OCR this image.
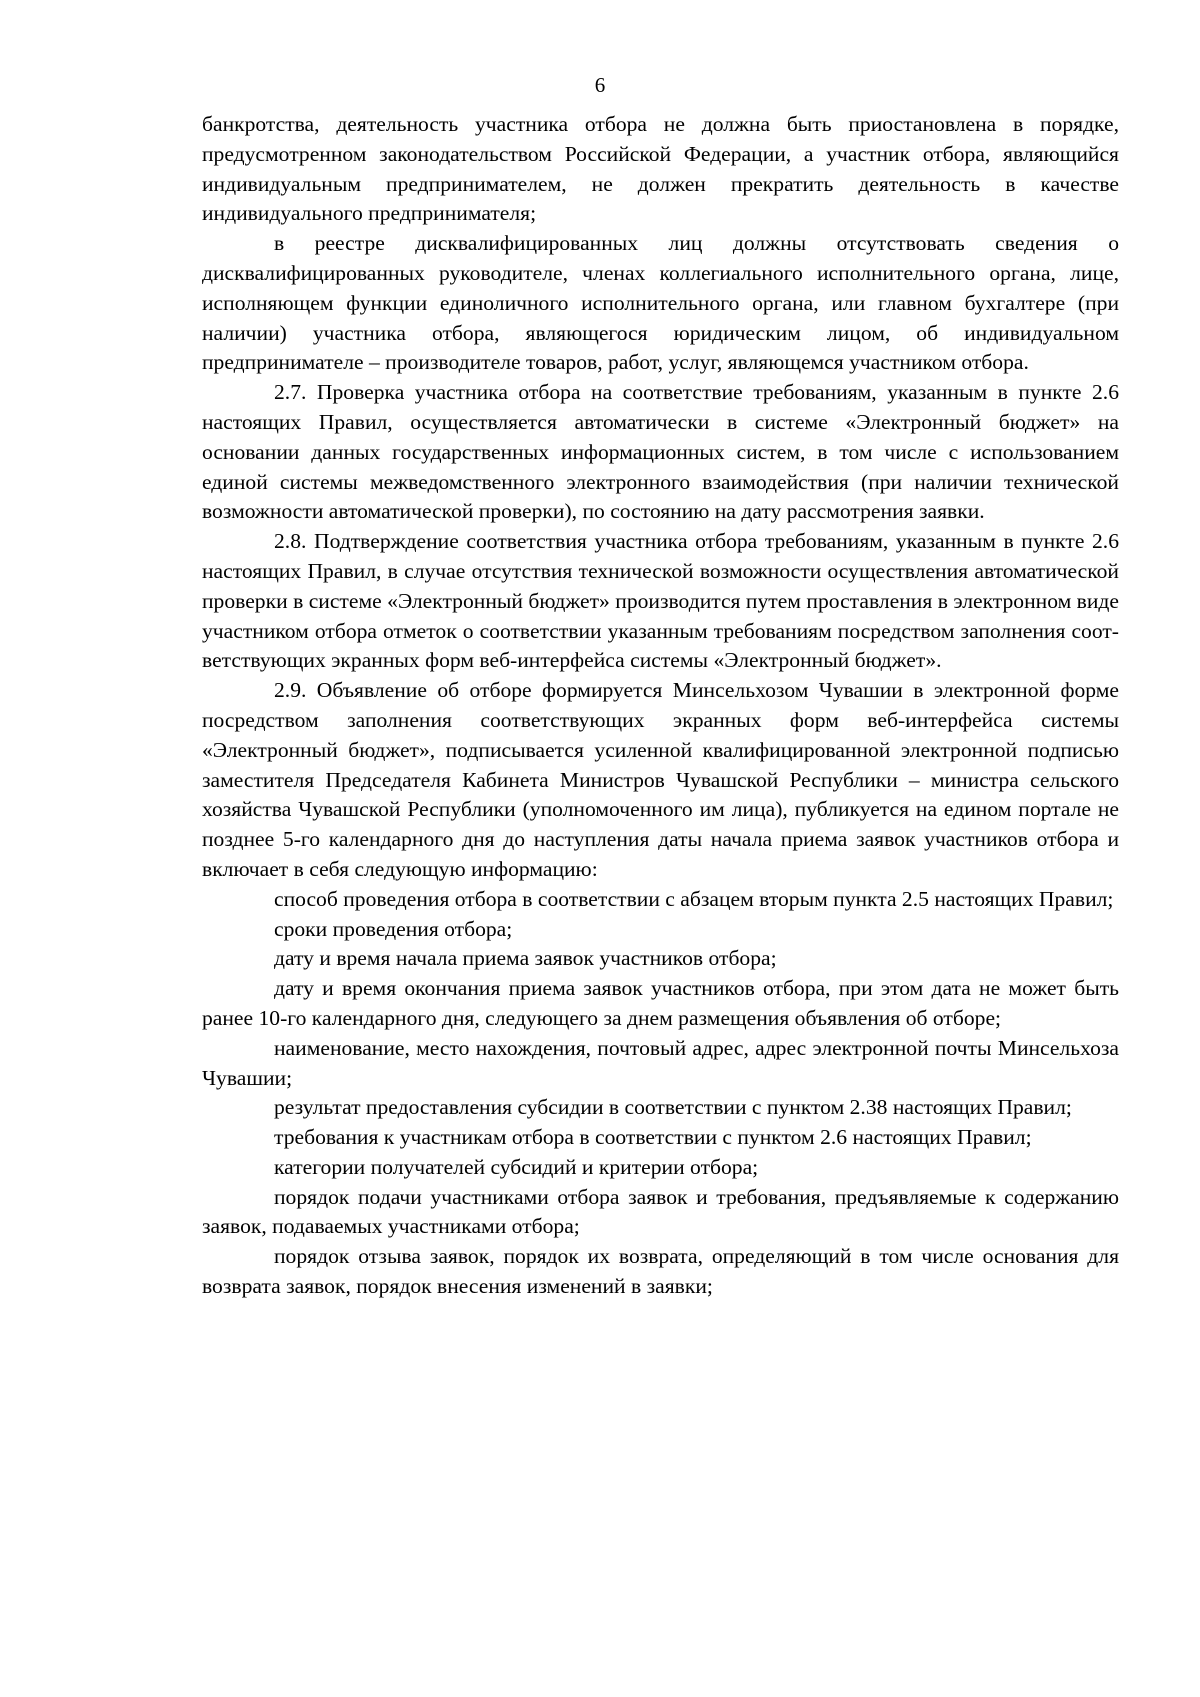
6

банкротства, деятельность участника отбора не должна быть приостановлена в порядке, предусмотренном законодательством Российской Федерации, а участник отбора, являющийся индивидуальным предпринимателем, не должен прекратить деятельность в качестве индивидуального предпринимателя;

в реестре дисквалифицированных лиц должны отсутствовать сведения о дисквалифицированных руководителе, членах коллегиального исполнительного органа, лице, исполняющем функции единоличного исполнительного органа, или главном бухгалтере (при наличии) участника отбора, являющегося юридическим лицом, об индивидуальном предпринимателе – производителе товаров, работ, услуг, являющемся участником отбора.

2.7. Проверка участника отбора на соответствие требованиям, указанным в пункте 2.6 настоящих Правил, осуществляется автоматически в системе «Электронный бюджет» на основании данных государственных информационных систем, в том числе с использованием единой системы межведомственного электронного взаимодействия (при наличии технической возможности автоматической проверки), по состоянию на дату рассмотрения заявки.

2.8. Подтверждение соответствия участника отбора требованиям, указанным в пункте 2.6 настоящих Правил, в случае отсутствия технической возможности осуществления автоматической проверки в системе «Электронный бюджет» производится путем проставления в электронном виде участником отбора отметок о соответствии указанным требованиям посредством заполнения соответствующих экранных форм веб-интерфейса системы «Электронный бюджет».

2.9. Объявление об отборе формируется Минсельхозом Чувашии в электронной форме посредством заполнения соответствующих экранных форм веб-интерфейса системы «Электронный бюджет», подписывается усиленной квалифицированной электронной подписью заместителя Председателя Кабинета Министров Чувашской Республики – министра сельского хозяйства Чувашской Республики (уполномоченного им лица), публикуется на едином портале не позднее 5-го календарного дня до наступления даты начала приема заявок участников отбора и включает в себя следующую информацию:

способ проведения отбора в соответствии с абзацем вторым пункта 2.5 настоящих Правил;

сроки проведения отбора;

дату и время начала приема заявок участников отбора;

дату и время окончания приема заявок участников отбора, при этом дата не может быть ранее 10-го календарного дня, следующего за днем размещения объявления об отборе;

наименование, место нахождения, почтовый адрес, адрес электронной почты Минсельхоза Чувашии;

результат предоставления субсидии в соответствии с пунктом 2.38 настоящих Правил;

требования к участникам отбора в соответствии с пунктом 2.6 настоящих Правил;

категории получателей субсидий и критерии отбора;

порядок подачи участниками отбора заявок и требования, предъявляемые к содержанию заявок, подаваемых участниками отбора;

порядок отзыва заявок, порядок их возврата, определяющий в том числе основания для возврата заявок, порядок внесения изменений в заявки;
